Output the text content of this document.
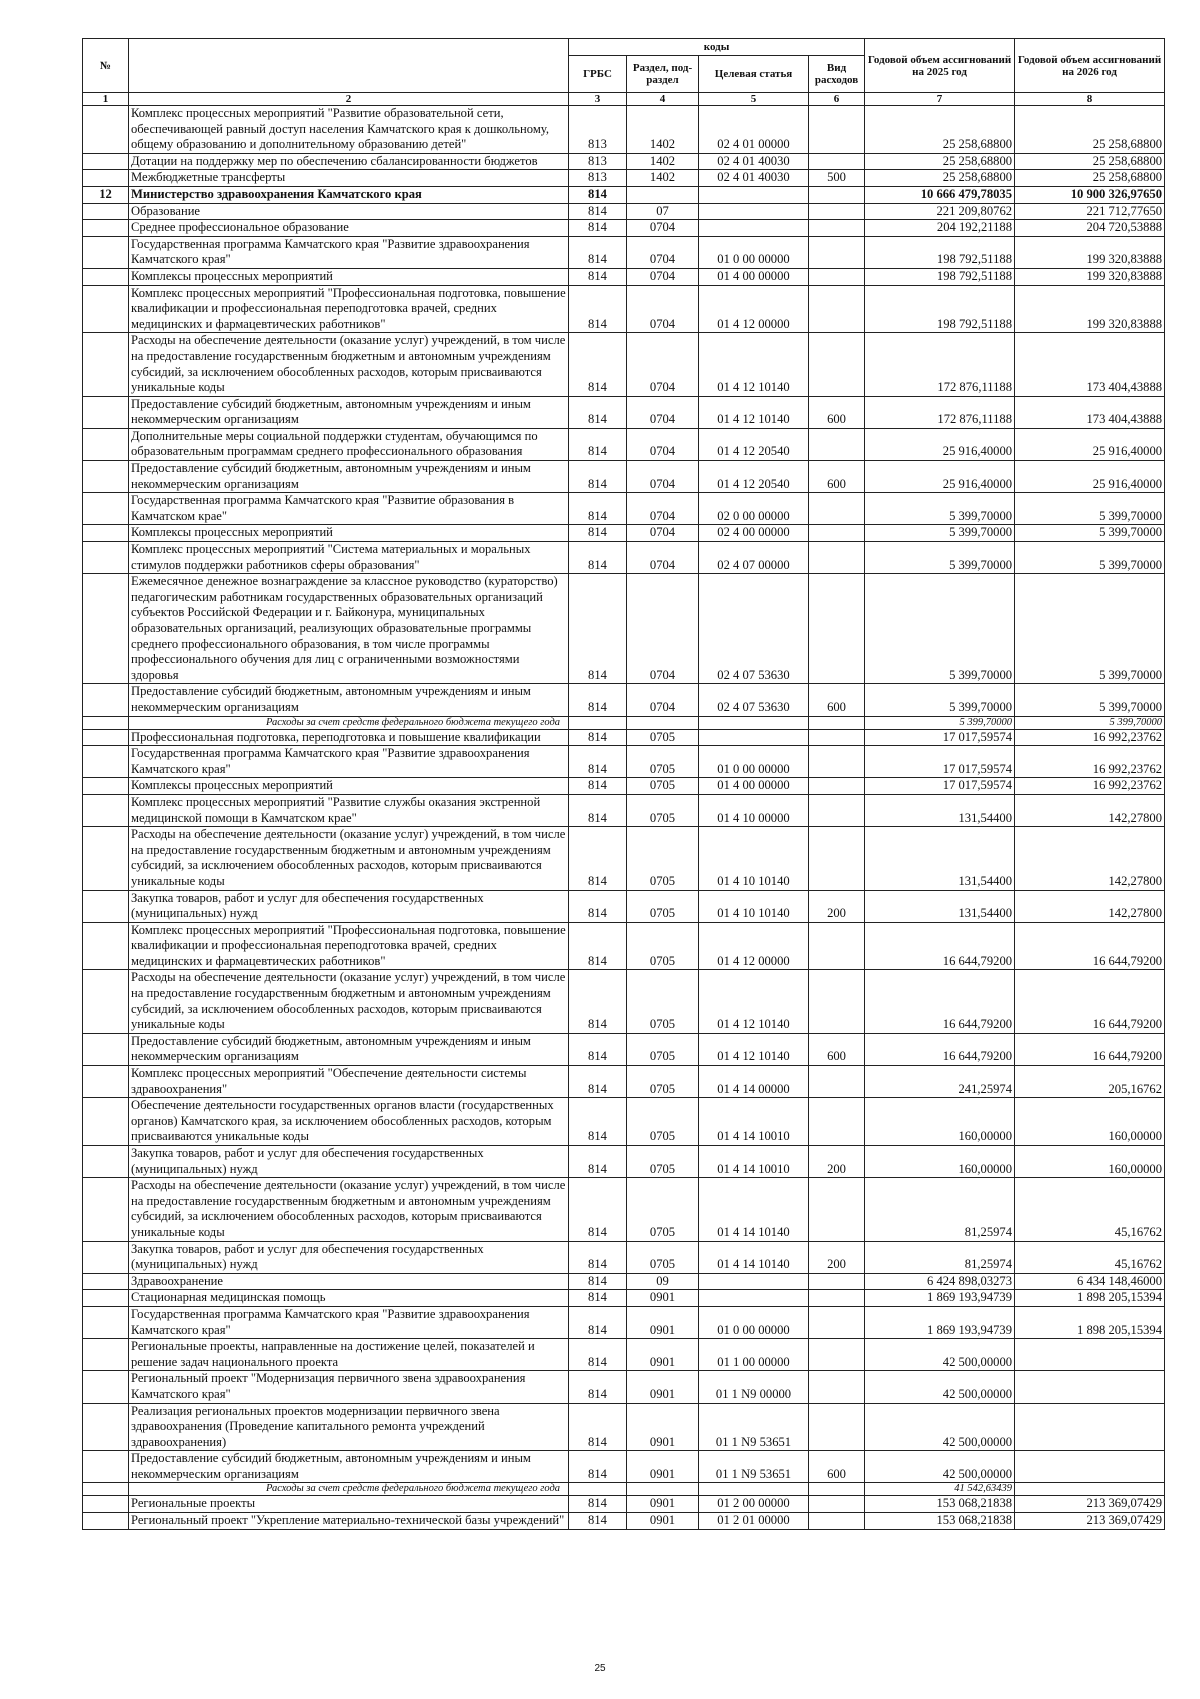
№		коды				Годовой объем ассигнований на 2025 год	Годовой объем ассигнований на 2026 год
		ГРБС	Раздел, под-раздел	Целевая статья	Вид расходов		
1	2	3	4	5	6	7	8
	Комплекс процессных мероприятий "Развитие образовательной сети, обеспечивающей равный доступ населения Камчатского края к дошкольному, общему образованию и дополнительному образованию детей"	813	1402	02 4 01 00000		25 258,68800	25 258,68800
	Дотации на поддержку мер по обеспечению сбалансированности бюджетов	813	1402	02 4 01 40030		25 258,68800	25 258,68800
	Межбюджетные трансферты	813	1402	02 4 01 40030	500	25 258,68800	25 258,68800
12	Министерство здравоохранения Камчатского края	814				10 666 479,78035	10 900 326,97650
	Образование	814	07			221 209,80762	221 712,77650
	Среднее профессиональное образование	814	0704			204 192,21188	204 720,53888
	Государственная программа Камчатского края "Развитие здравоохранения Камчатского края"	814	0704	01 0 00 00000		198 792,51188	199 320,83888
	Комплексы процессных мероприятий	814	0704	01 4 00 00000		198 792,51188	199 320,83888
	Комплекс процессных мероприятий "Профессиональная подготовка, повышение квалификации и профессиональная переподготовка врачей, средних медицинских и фармацевтических работников"	814	0704	01 4 12 00000		198 792,51188	199 320,83888
	Расходы на обеспечение деятельности (оказание услуг) учреждений, в том числе на предоставление государственным бюджетным и автономным учреждениям субсидий, за исключением обособленных расходов, которым присваиваются уникальные коды	814	0704	01 4 12 10140		172 876,11188	173 404,43888
	Предоставление субсидий бюджетным, автономным учреждениям и иным некоммерческим организациям	814	0704	01 4 12 10140	600	172 876,11188	173 404,43888
	Дополнительные меры социальной поддержки студентам, обучающимся по образовательным программам среднего профессионального образования	814	0704	01 4 12 20540		25 916,40000	25 916,40000
	Предоставление субсидий бюджетным, автономным учреждениям и иным некоммерческим организациям	814	0704	01 4 12 20540	600	25 916,40000	25 916,40000
	Государственная программа Камчатского края "Развитие образования в Камчатском крае"	814	0704	02 0 00 00000		5 399,70000	5 399,70000
	Комплексы процессных мероприятий	814	0704	02 4 00 00000		5 399,70000	5 399,70000
	Комплекс процессных мероприятий "Система материальных и моральных стимулов поддержки работников сферы образования"	814	0704	02 4 07 00000		5 399,70000	5 399,70000
	Ежемесячное денежное вознаграждение за классное руководство (кураторство) педагогическим работникам государственных образовательных организаций субъектов Российской Федерации и г. Байконура, муниципальных образовательных организаций, реализующих образовательные программы среднего профессионального образования, в том числе программы профессионального обучения для лиц с ограниченными возможностями здоровья	814	0704	02 4 07 53630		5 399,70000	5 399,70000
	Предоставление субсидий бюджетным, автономным учреждениям и иным некоммерческим организациям	814	0704	02 4 07 53630	600	5 399,70000	5 399,70000
	Расходы за счет средств федерального бюджета текущего года					5 399,70000	5 399,70000
	Профессиональная подготовка, переподготовка и повышение квалификации	814	0705			17 017,59574	16 992,23762
	Государственная программа Камчатского края "Развитие здравоохранения Камчатского края"	814	0705	01 0 00 00000		17 017,59574	16 992,23762
	Комплексы процессных мероприятий	814	0705	01 4 00 00000		17 017,59574	16 992,23762
	Комплекс процессных мероприятий "Развитие службы оказания экстренной медицинской помощи в Камчатском крае"	814	0705	01 4 10 00000		131,54400	142,27800
	Расходы на обеспечение деятельности (оказание услуг) учреждений, в том числе на предоставление государственным бюджетным и автономным учреждениям субсидий, за исключением обособленных расходов, которым присваиваются уникальные коды	814	0705	01 4 10 10140		131,54400	142,27800
	Закупка товаров, работ и услуг для обеспечения государственных (муниципальных) нужд	814	0705	01 4 10 10140	200	131,54400	142,27800
	Комплекс процессных мероприятий "Профессиональная подготовка, повышение квалификации и профессиональная переподготовка врачей, средних медицинских и фармацевтических работников"	814	0705	01 4 12 00000		16 644,79200	16 644,79200
	Расходы на обеспечение деятельности (оказание услуг) учреждений, в том числе на предоставление государственным бюджетным и автономным учреждениям субсидий, за исключением обособленных расходов, которым присваиваются уникальные коды	814	0705	01 4 12 10140		16 644,79200	16 644,79200
	Предоставление субсидий бюджетным, автономным учреждениям и иным некоммерческим организациям	814	0705	01 4 12 10140	600	16 644,79200	16 644,79200
	Комплекс процессных мероприятий "Обеспечение деятельности системы здравоохранения"	814	0705	01 4 14 00000		241,25974	205,16762
	Обеспечение деятельности государственных органов власти (государственных органов) Камчатского края, за исключением обособленных расходов, которым присваиваются уникальные коды	814	0705	01 4 14 10010		160,00000	160,00000
	Закупка товаров, работ и услуг для обеспечения государственных (муниципальных) нужд	814	0705	01 4 14 10010	200	160,00000	160,00000
	Расходы на обеспечение деятельности (оказание услуг) учреждений, в том числе на предоставление государственным бюджетным и автономным учреждениям субсидий, за исключением обособленных расходов, которым присваиваются уникальные коды	814	0705	01 4 14 10140		81,25974	45,16762
	Закупка товаров, работ и услуг для обеспечения государственных (муниципальных) нужд	814	0705	01 4 14 10140	200	81,25974	45,16762
	Здравоохранение	814	09			6 424 898,03273	6 434 148,46000
	Стационарная медицинская помощь	814	0901			1 869 193,94739	1 898 205,15394
	Государственная программа Камчатского края "Развитие здравоохранения Камчатского края"	814	0901	01 0 00 00000		1 869 193,94739	1 898 205,15394
	Региональные проекты, направленные на достижение целей, показателей и решение задач национального проекта	814	0901	01 1 00 00000		42 500,00000	
	Региональный проект "Модернизация первичного звена здравоохранения Камчатского края"	814	0901	01 1 N9 00000		42 500,00000	
	Реализация региональных проектов модернизации первичного звена здравоохранения (Проведение капитального ремонта учреждений здравоохранения)	814	0901	01 1 N9 53651		42 500,00000	
	Предоставление субсидий бюджетным, автономным учреждениям и иным некоммерческим организациям	814	0901	01 1 N9 53651	600	42 500,00000	
	Расходы за счет средств федерального бюджета текущего года					41 542,63439	
	Региональные проекты	814	0901	01 2 00 00000		153 068,21838	213 369,07429
	Региональный проект "Укрепление материально-технической базы учреждений"	814	0901	01 2 01 00000		153 068,21838	213 369,07429
25
